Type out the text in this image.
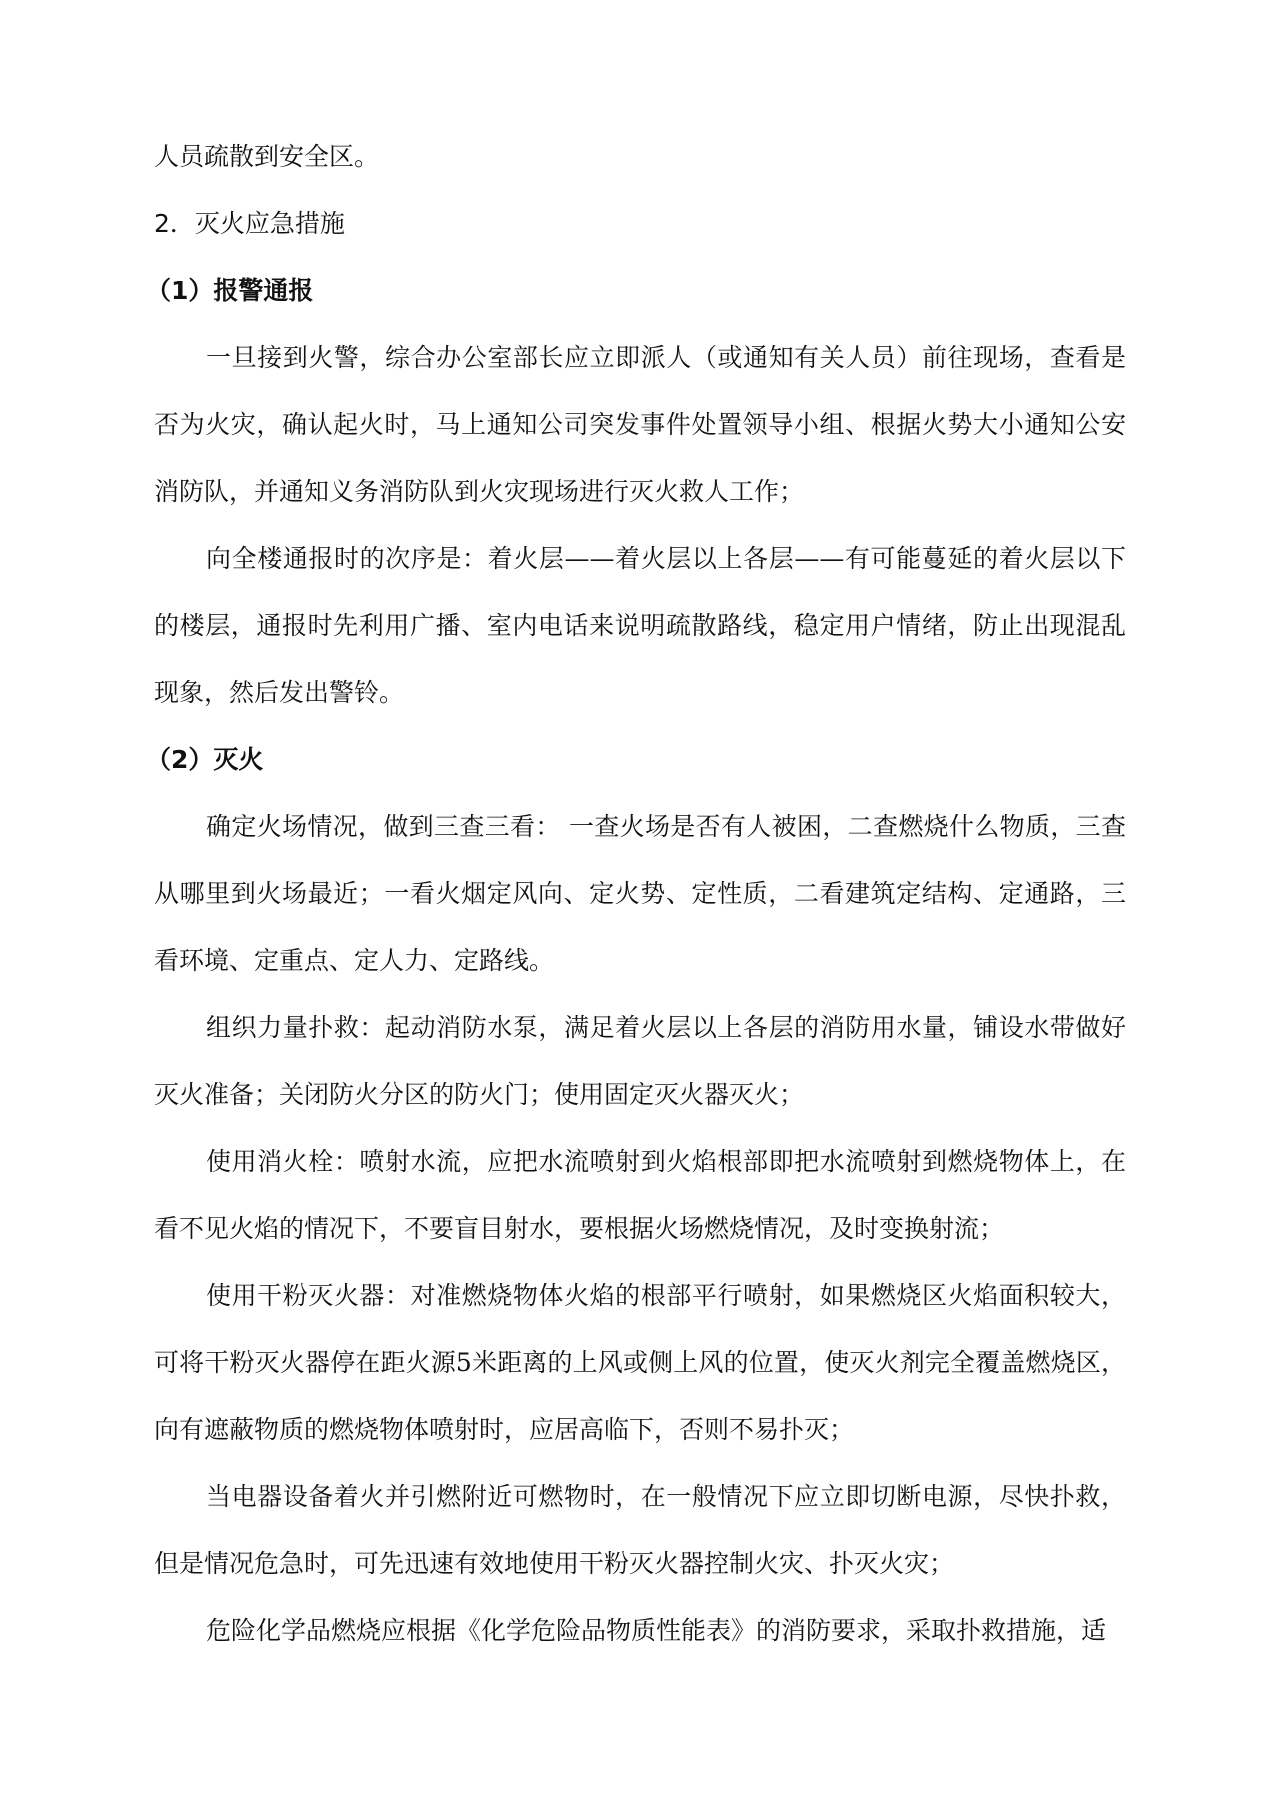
人员疏散到安全区。

2．灭火应急措施

（1）报警通报

一旦接到火警，综合办公室部长应立即派人（或通知有关人员）前往现场，查看是否为火灾，确认起火时，马上通知公司突发事件处置领导小组、根据火势大小通知公安消防队，并通知义务消防队到火灾现场进行灭火救人工作；

向全楼通报时的次序是：着火层——着火层以上各层——有可能蔓延的着火层以下的楼层，通报时先利用广播、室内电话来说明疏散路线，稳定用户情绪，防止出现混乱现象，然后发出警铃。

（2）灭火

确定火场情况，做到三查三看： 一查火场是否有人被困，二查燃烧什么物质，三查从哪里到火场最近；一看火烟定风向、定火势、定性质，二看建筑定结构、定通路，三看环境、定重点、定人力、定路线。

组织力量扑救：起动消防水泵，满足着火层以上各层的消防用水量，铺设水带做好灭火准备；关闭防火分区的防火门；使用固定灭火器灭火；

使用消火栓：喷射水流，应把水流喷射到火焰根部即把水流喷射到燃烧物体上，在看不见火焰的情况下，不要盲目射水，要根据火场燃烧情况，及时变换射流；

使用干粉灭火器：对准燃烧物体火焰的根部平行喷射，如果燃烧区火焰面积较大，可将干粉灭火器停在距火源5米距离的上风或侧上风的位置，使灭火剂完全覆盖燃烧区，向有遮蔽物质的燃烧物体喷射时，应居高临下，否则不易扑灭；

当电器设备着火并引燃附近可燃物时，在一般情况下应立即切断电源，尽快扑救，但是情况危急时，可先迅速有效地使用干粉灭火器控制火灾、扑灭火灾；

危险化学品燃烧应根据《化学危险品物质性能表》的消防要求，采取扑救措施，适
